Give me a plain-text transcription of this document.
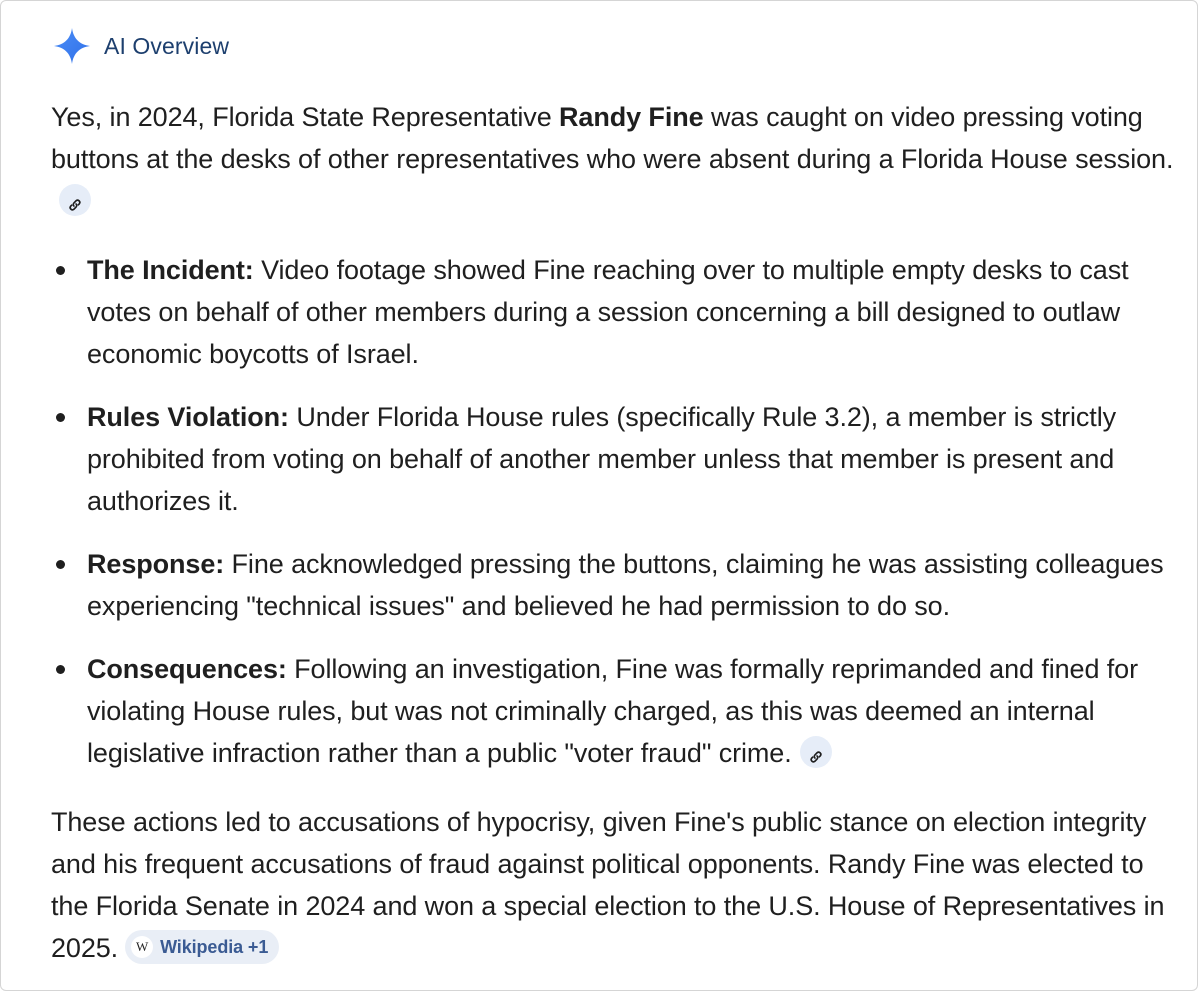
AI Overview

Yes, in 2024, Florida State Representative Randy Fine was caught on video pressing voting buttons at the desks of other representatives who were absent during a Florida House session.

The Incident: Video footage showed Fine reaching over to multiple empty desks to cast votes on behalf of other members during a session concerning a bill designed to outlaw economic boycotts of Israel.
Rules Violation: Under Florida House rules (specifically Rule 3.2), a member is strictly prohibited from voting on behalf of another member unless that member is present and authorizes it.
Response: Fine acknowledged pressing the buttons, claiming he was assisting colleagues experiencing "technical issues" and believed he had permission to do so.
Consequences: Following an investigation, Fine was formally reprimanded and fined for violating House rules, but was not criminally charged, as this was deemed an internal legislative infraction rather than a public "voter fraud" crime.

These actions led to accusations of hypocrisy, given Fine's public stance on election integrity and his frequent accusations of fraud against political opponents. Randy Fine was elected to the Florida Senate in 2024 and won a special election to the U.S. House of Representatives in 2025.	W Wikipedia +1
